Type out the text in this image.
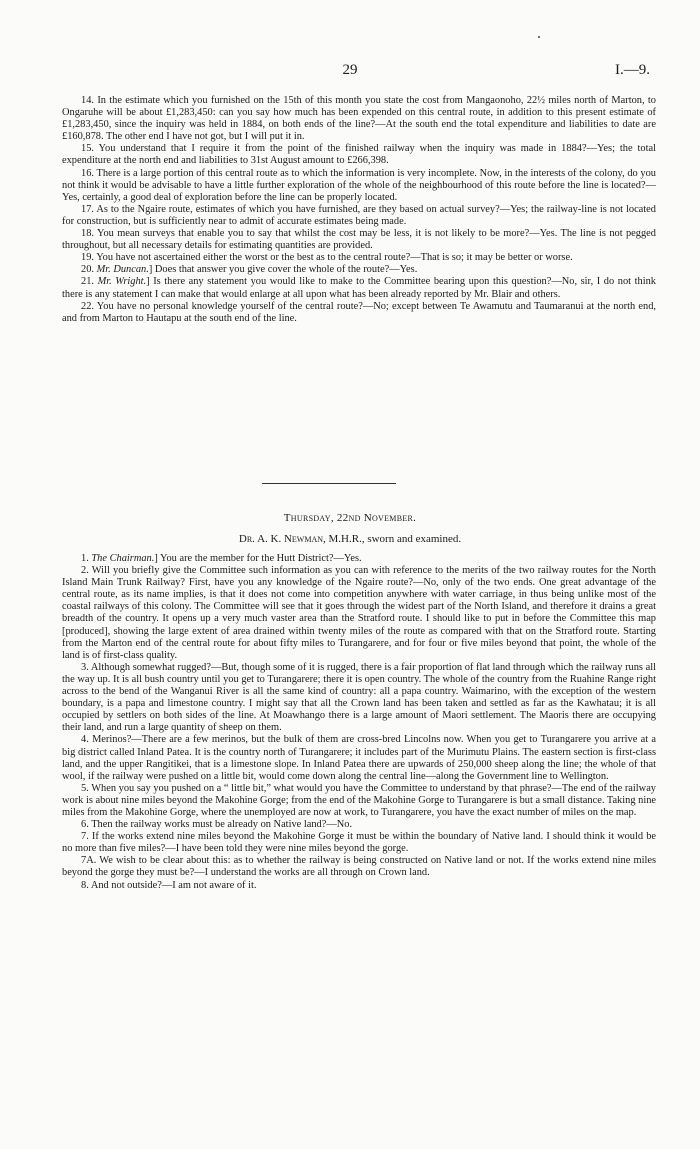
29	I.—9.

14. In the estimate which you furnished on the 15th of this month you state the cost from Mangaonoho, 22½ miles north of Marton, to Ongaruhe will be about £1,283,450: can you say how much has been expended on this central route, in addition to this present estimate of £1,283,450, since the inquiry was held in 1884, on both ends of the line?—At the south end the total expenditure and liabilities to date are £160,878. The other end I have not got, but I will put it in.

15. You understand that I require it from the point of the finished railway when the inquiry was made in 1884?—Yes; the total expenditure at the north end and liabilities to 31st August amount to £266,398.

16. There is a large portion of this central route as to which the information is very incomplete. Now, in the interests of the colony, do you not think it would be advisable to have a little further exploration of the whole of the neighbourhood of this route before the line is located?—Yes, certainly, a good deal of exploration before the line can be properly located.

17. As to the Ngaire route, estimates of which you have furnished, are they based on actual survey?—Yes; the railway-line is not located for construction, but is sufficiently near to admit of accurate estimates being made.

18. You mean surveys that enable you to say that whilst the cost may be less, it is not likely to be more?—Yes. The line is not pegged throughout, but all necessary details for estimating quantities are provided.

19. You have not ascertained either the worst or the best as to the central route?—That is so; it may be better or worse.

20. Mr. Duncan.] Does that answer you give cover the whole of the route?—Yes.

21. Mr. Wright.] Is there any statement you would like to make to the Committee bearing upon this question?—No, sir, I do not think there is any statement I can make that would enlarge at all upon what has been already reported by Mr. Blair and others.

22. You have no personal knowledge yourself of the central route?—No; except between Te Awamutu and Taumaranui at the north end, and from Marton to Hautapu at the south end of the line.

Thursday, 22nd November.
Dr. A. K. Newman, M.H.R., sworn and examined.

1. The Chairman.] You are the member for the Hutt District?—Yes.

2. Will you briefly give the Committee such information as you can with reference to the merits of the two railway routes for the North Island Main Trunk Railway? First, have you any knowledge of the Ngaire route?—No, only of the two ends. One great advantage of the central route, as its name implies, is that it does not come into competition anywhere with water carriage, in thus being unlike most of the coastal railways of this colony. The Committee will see that it goes through the widest part of the North Island, and therefore it drains a great breadth of the country. It opens up a very much vaster area than the Stratford route. I should like to put in before the Committee this map [produced], showing the large extent of area drained within twenty miles of the route as compared with that on the Stratford route. Starting from the Marton end of the central route for about fifty miles to Turangarere, and for four or five miles beyond that point, the whole of the land is of first-class quality.

3. Although somewhat rugged?—But, though some of it is rugged, there is a fair proportion of flat land through which the railway runs all the way up. It is all bush country until you get to Turangarere; there it is open country. The whole of the country from the Ruahine Range right across to the bend of the Wanganui River is all the same kind of country: all a papa country. Waimarino, with the exception of the western boundary, is a papa and limestone country. I might say that all the Crown land has been taken and settled as far as the Kawhatau; it is all occupied by settlers on both sides of the line. At Moawhango there is a large amount of Maori settlement. The Maoris there are occupying their land, and run a large quantity of sheep on them.

4. Merinos?—There are a few merinos, but the bulk of them are cross-bred Lincolns now. When you get to Turangarere you arrive at a big district called Inland Patea. It is the country north of Turangarere; it includes part of the Murimutu Plains. The eastern section is first-class land, and the upper Rangitikei, that is a limestone slope. In Inland Patea there are upwards of 250,000 sheep along the line; the whole of that wool, if the railway were pushed on a little bit, would come down along the central line—along the Government line to Wellington.

5. When you say you pushed on a “ little bit,” what would you have the Committee to understand by that phrase?—The end of the railway work is about nine miles beyond the Makohine Gorge; from the end of the Makohine Gorge to Turangarere is but a small distance. Taking nine miles from the Makohine Gorge, where the unemployed are now at work, to Turangarere, you have the exact number of miles on the map.

6. Then the railway works must be already on Native land?—No.

7. If the works extend nine miles beyond the Makohine Gorge it must be within the boundary of Native land. I should think it would be no more than five miles?—I have been told they were nine miles beyond the gorge.

7A. We wish to be clear about this: as to whether the railway is being constructed on Native land or not. If the works extend nine miles beyond the gorge they must be?—I understand the works are all through on Crown land.

8. And not outside?—I am not aware of it.
